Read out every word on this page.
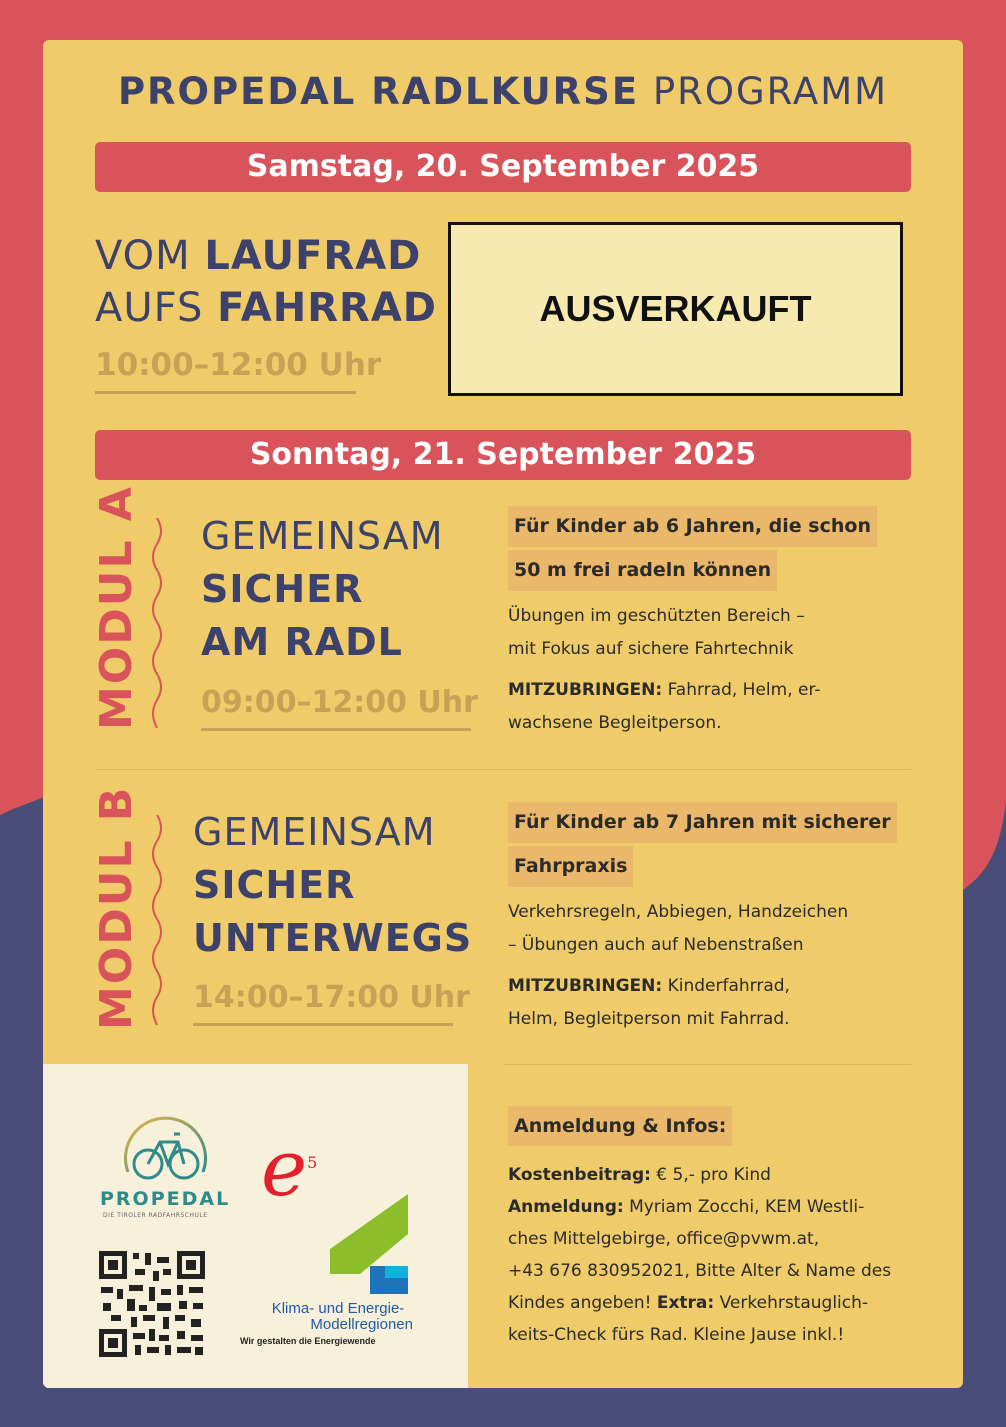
PROPEDAL RADLKURSE PROGRAMM
Samstag, 20. September 2025
VOM LAUFRAD
AUFS FAHRRAD
10:00–12:00 Uhr
AUSVERKAUFT
Sonntag, 21. September 2025
MODUL A GEMEINSAM
SICHER
AM RADL
09:00–12:00 Uhr
Für Kinder ab 6 Jahren, die schon
50 m frei radeln können

Übungen im geschützten Bereich –
mit Fokus auf sichere Fahrtechnik

MITZUBRINGEN: Fahrrad, Helm, er-
wachsene Begleitperson.

MODUL B GEMEINSAM
SICHER
UNTERWEGS
14:00–17:00 Uhr
Für Kinder ab 7 Jahren mit sicherer
Fahrpraxis

Verkehrsregeln, Abbiegen, Handzeichen
– Übungen auch auf Nebenstraßen

MITZUBRINGEN: Kinderfahrrad,
Helm, Begleitperson mit Fahrrad.

PROPEDAL
DIE TIROLER RADFAHRSCHULE
$e^5$
Klima- und Energie-
Modellregionen
Wir gestalten die Energiewende
Anmeldung & Infos:
Kostenbeitrag: € 5,- pro Kind
Anmeldung: Myriam Zocchi, KEM Westli-
ches Mittelgebirge, office@pvwm.at,
+43 676 830952021, Bitte Alter & Name des
Kindes angeben! Extra: Verkehrstauglich-
keits-Check fürs Rad. Kleine Jause inkl.!
